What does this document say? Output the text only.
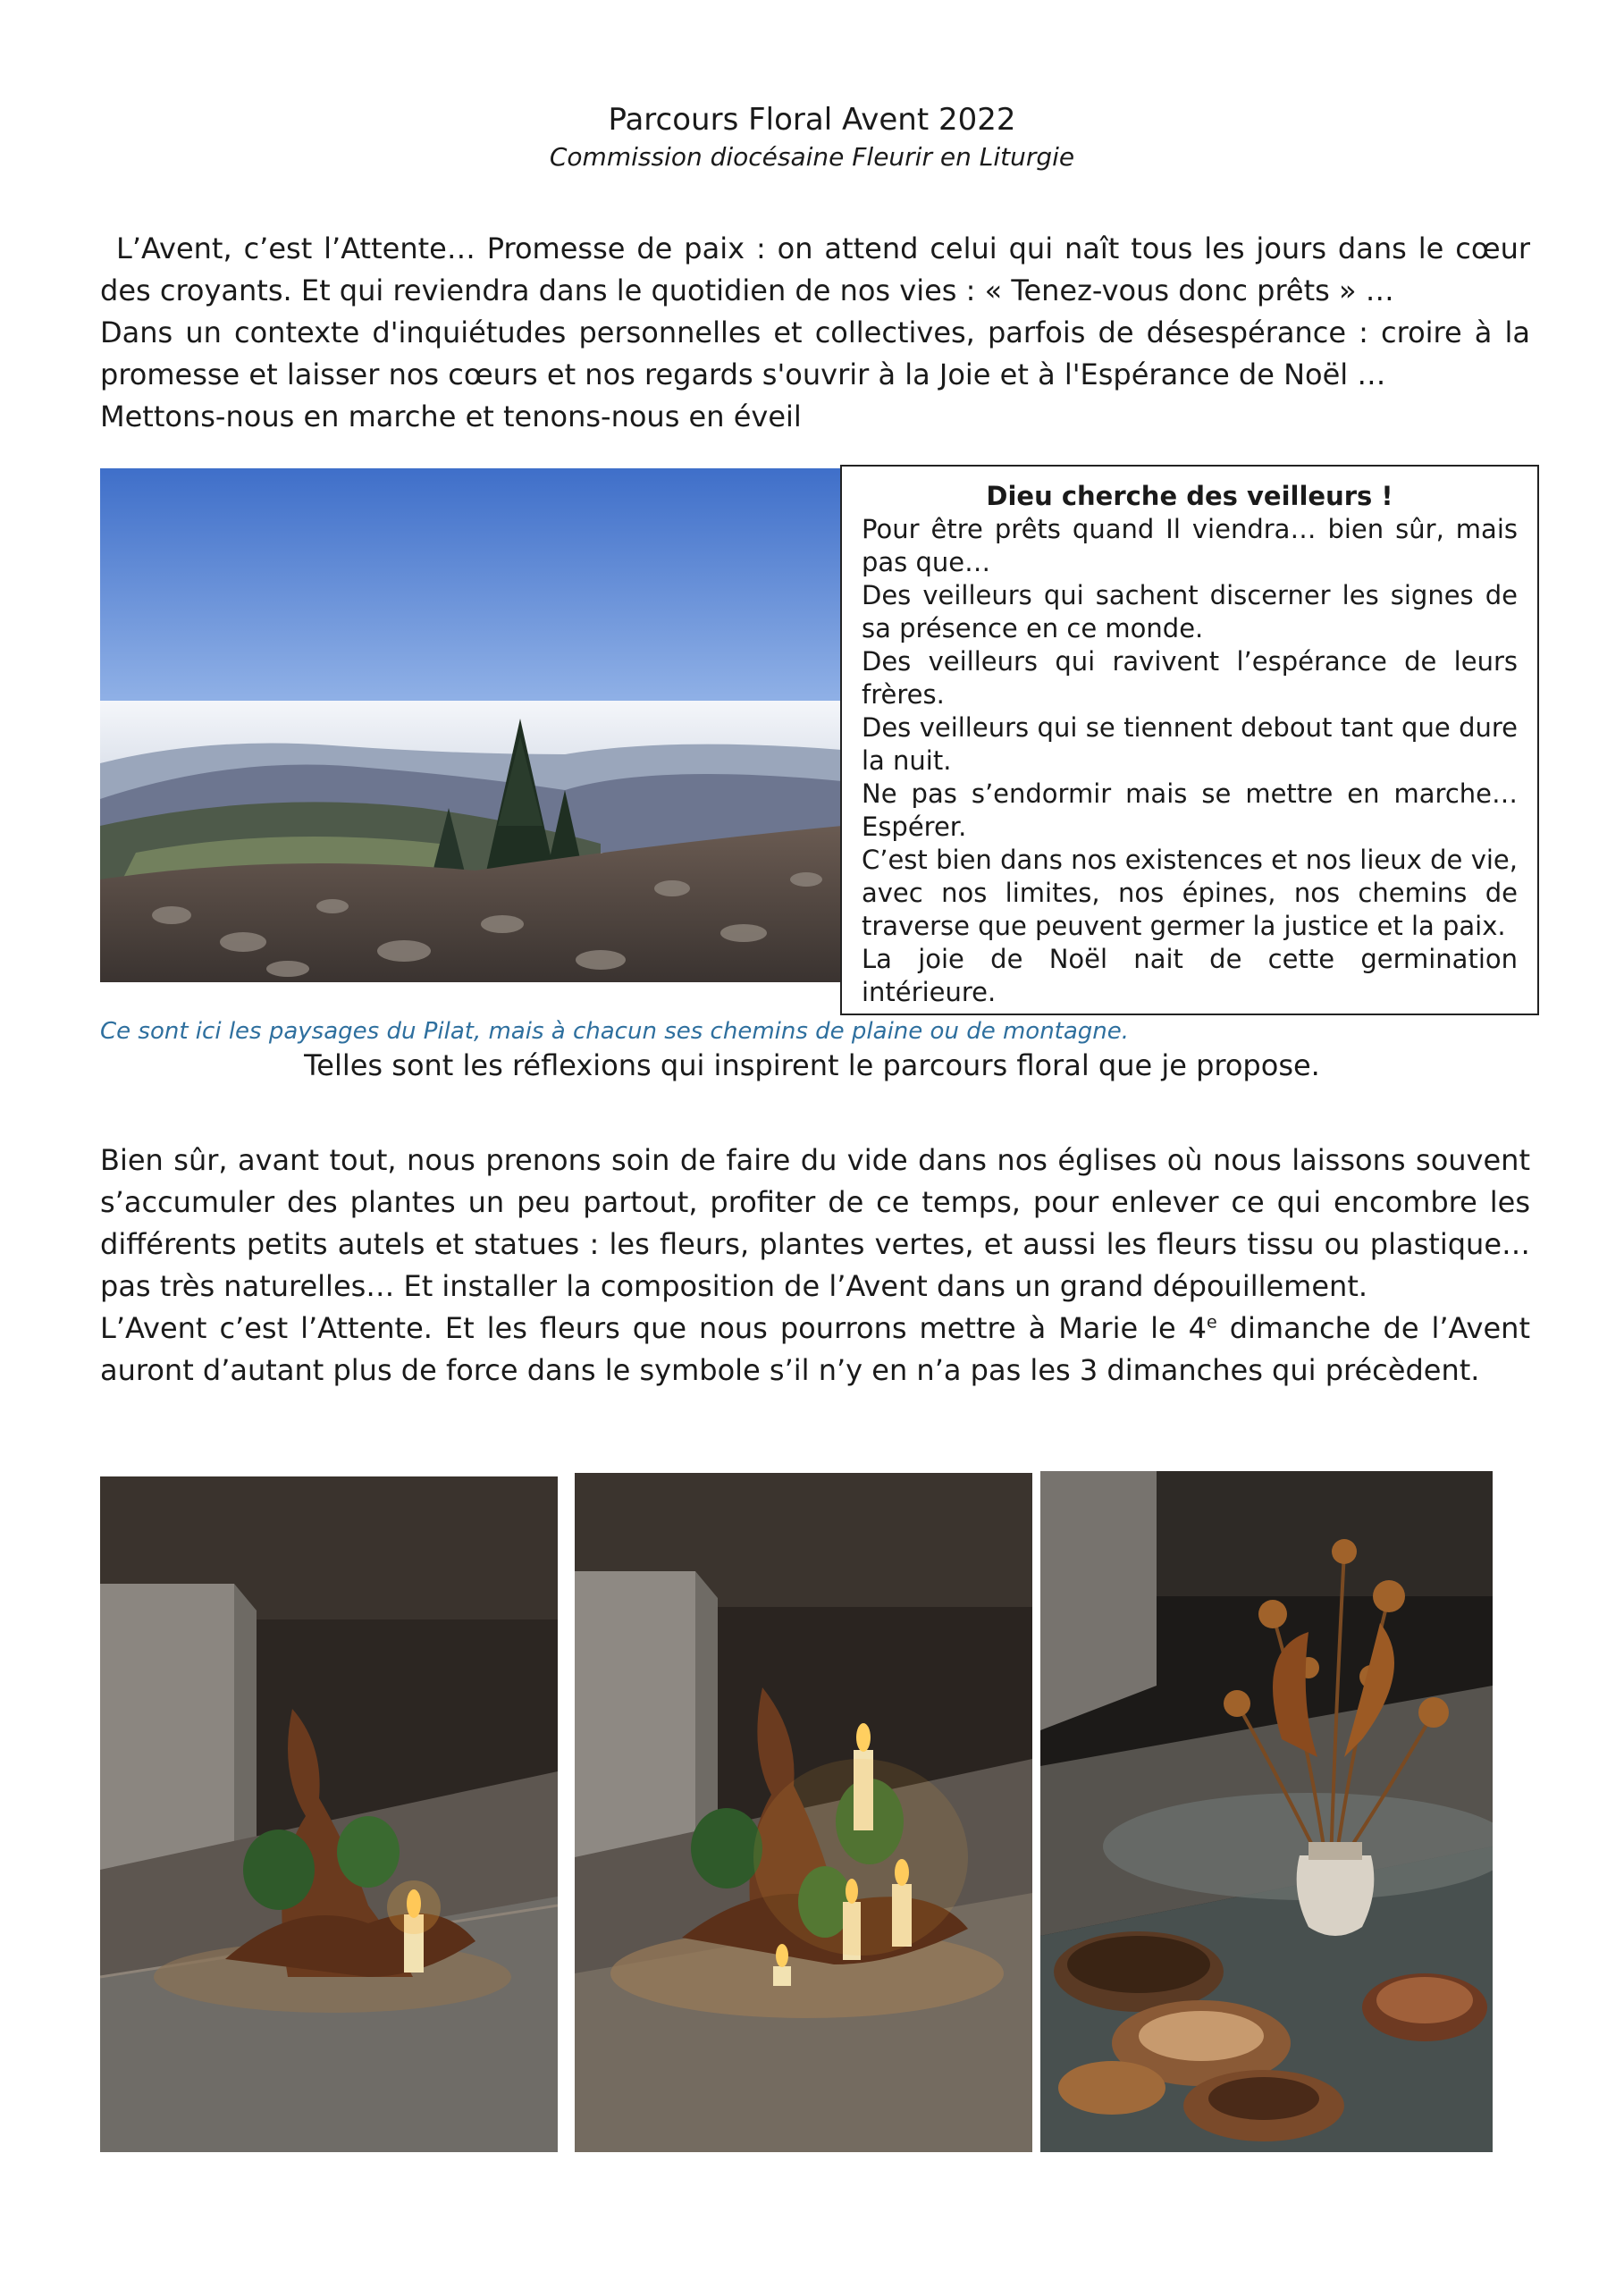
Parcours Floral Avent 2022
Commission diocésaine Fleurir en Liturgie

L’Avent, c’est l’Attente… Promesse de paix : on attend celui qui naît tous les jours dans le cœur des croyants. Et qui reviendra dans le quotidien de nos vies : « Tenez-vous donc prêts » …

Dans un contexte d'inquiétudes personnelles et collectives, parfois de désespérance : croire à la promesse et laisser nos cœurs et nos regards s'ouvrir à la Joie et à l'Espérance de Noël …

Mettons-nous en marche et tenons-nous en éveil

Dieu cherche des veilleurs !
Pour être prêts quand Il viendra… bien sûr, mais pas que…
Des veilleurs qui sachent discerner les signes de sa présence en ce monde.
Des veilleurs qui ravivent l’espérance de leurs frères.
Des veilleurs qui se tiennent debout tant que dure la nuit.
Ne pas s’endormir mais se mettre en marche… Espérer.
C’est bien dans nos existences et nos lieux de vie, avec nos limites, nos épines, nos chemins de traverse que peuvent germer la justice et la paix.
La joie de Noël nait de cette germination intérieure.
Ce sont ici les paysages du Pilat, mais à chacun ses chemins de plaine ou de montagne.
Telles sont les réflexions qui inspirent le parcours floral que je propose.

Bien sûr, avant tout, nous prenons soin de faire du vide dans nos églises où nous laissons souvent s’accumuler des plantes un peu partout, profiter de ce temps, pour enlever ce qui encombre les différents petits autels et statues : les fleurs, plantes vertes, et aussi les fleurs tissu ou plastique… pas très naturelles… Et installer la composition de l’Avent dans un grand dépouillement.

L’Avent c’est l’Attente. Et les fleurs que nous pourrons mettre à Marie le 4e dimanche de l’Avent auront d’autant plus de force dans le symbole s’il n’y en n’a pas les 3 dimanches qui précèdent.
